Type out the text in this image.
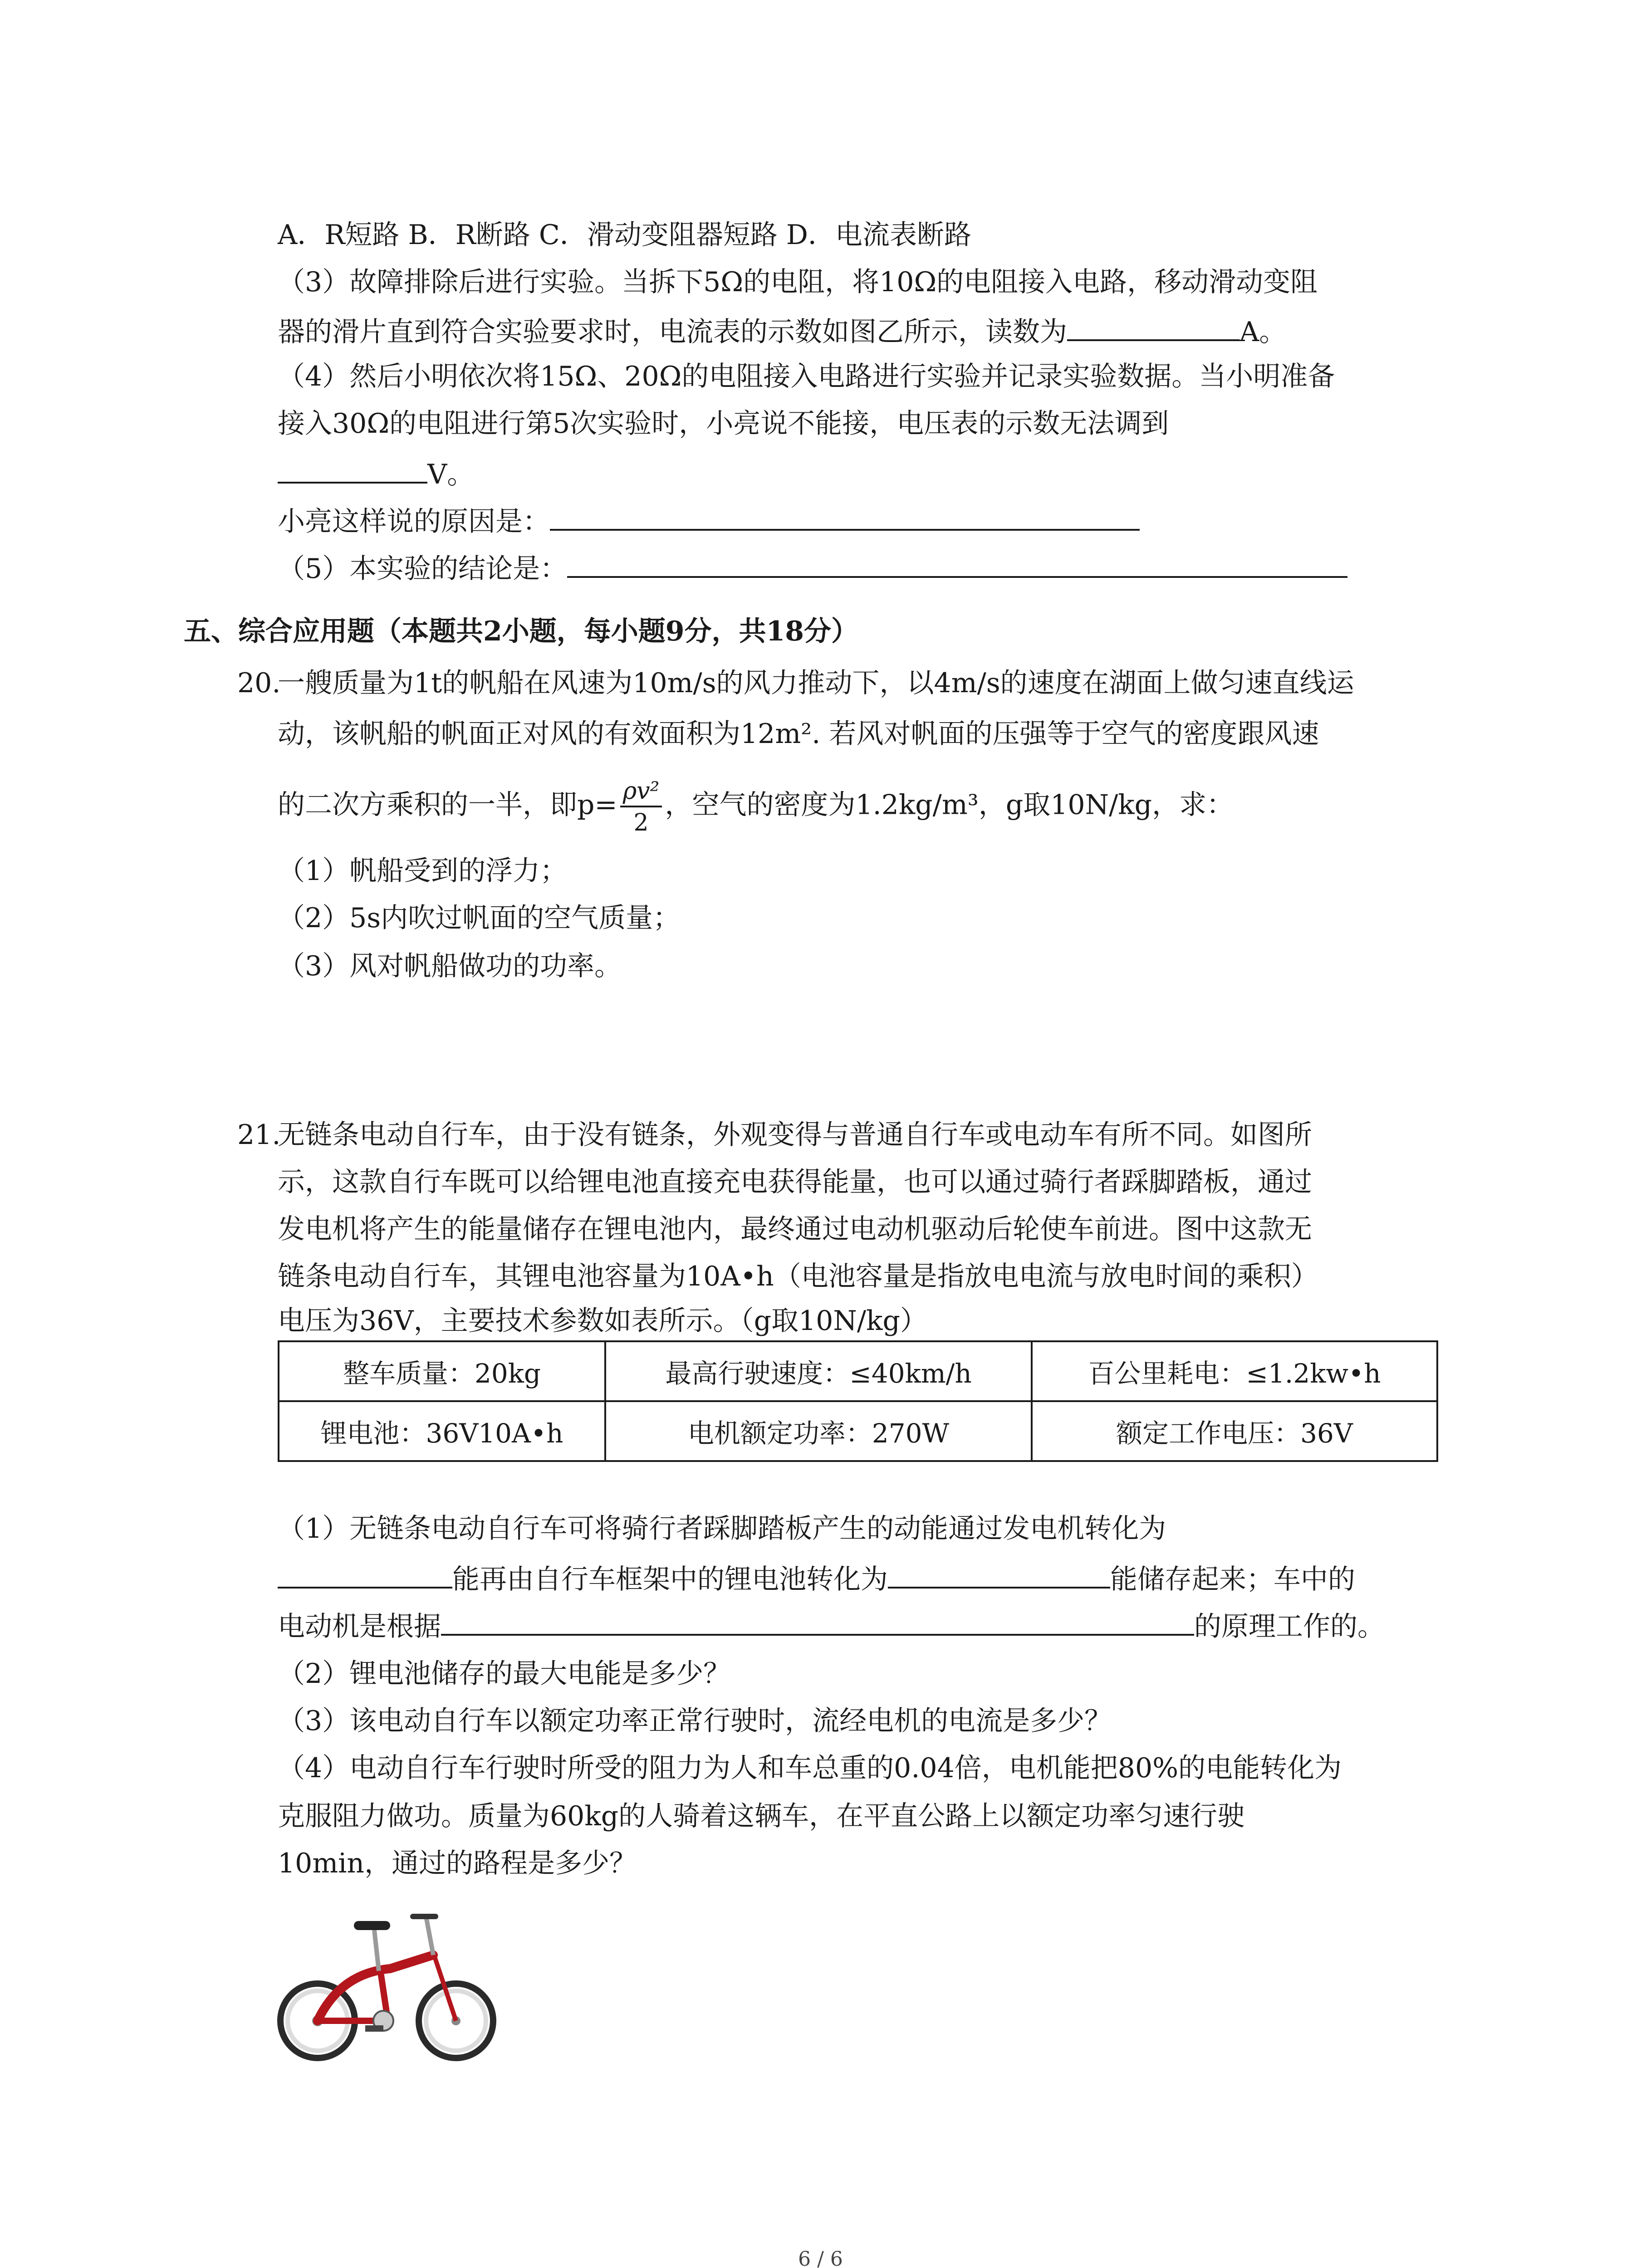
A．R短路 B．R断路 C．滑动变阻器短路 D．电流表断路
（3）故障排除后进行实验。当拆下5Ω的电阻，将10Ω的电阻接入电路，移动滑动变阻
器的滑片直到符合实验要求时，电流表的示数如图乙所示，读数为	A。
（4）然后小明依次将15Ω、20Ω的电阻接入电路进行实验并记录实验数据。当小明准备
接入30Ω的电阻进行第5次实验时，小亮说不能接，电压表的示数无法调到
V。
小亮这样说的原因是：
（5）本实验的结论是：
五、综合应用题（本题共2小题，每小题9分，共18分）
20.
一艘质量为1t的帆船在风速为10m/s的风力推动下，以4m/s的速度在湖面上做匀速直线运
动，该帆船的帆面正对风的有效面积为12m². 若风对帆面的压强等于空气的密度跟风速
的二次方乘积的一半，即$p= \frac{\text{ρv²}}{2}$ ，空气的密度为1.2kg/m³，g取10N/kg，求：
（1）帆船受到的浮力；
（2）5s内吹过帆面的空气质量；
（3）风对帆船做功的功率。
21.
无链条电动自行车，由于没有链条，外观变得与普通自行车或电动车有所不同。如图所
示，这款自行车既可以给锂电池直接充电获得能量，也可以通过骑行者踩脚踏板，通过
发电机将产生的能量储存在锂电池内，最终通过电动机驱动后轮使车前进。图中这款无
链条电动自行车，其锂电池容量为10A•h（电池容量是指放电电流与放电时间的乘积）
电压为36V，主要技术参数如表所示。（g取10N/kg）
整车质量：20kg	最高行驶速度：≤40km/h	百公里耗电：≤1.2kw•h
锂电池：36V10A•h	电机额定功率：270W	额定工作电压：36V
（1）无链条电动自行车可将骑行者踩脚踏板产生的动能通过发电机转化为
能再由自行车框架中的锂电池转化为	能储存起来；车中的
电动机是根据	的原理工作的。
（2）锂电池储存的最大电能是多少？
（3）该电动自行车以额定功率正常行驶时，流经电机的电流是多少？
（4）电动自行车行驶时所受的阻力为人和车总重的0.04倍，电机能把80%的电能转化为
克服阻力做功。质量为60kg的人骑着这辆车，在平直公路上以额定功率匀速行驶
10min，通过的路程是多少？
6 / 6
